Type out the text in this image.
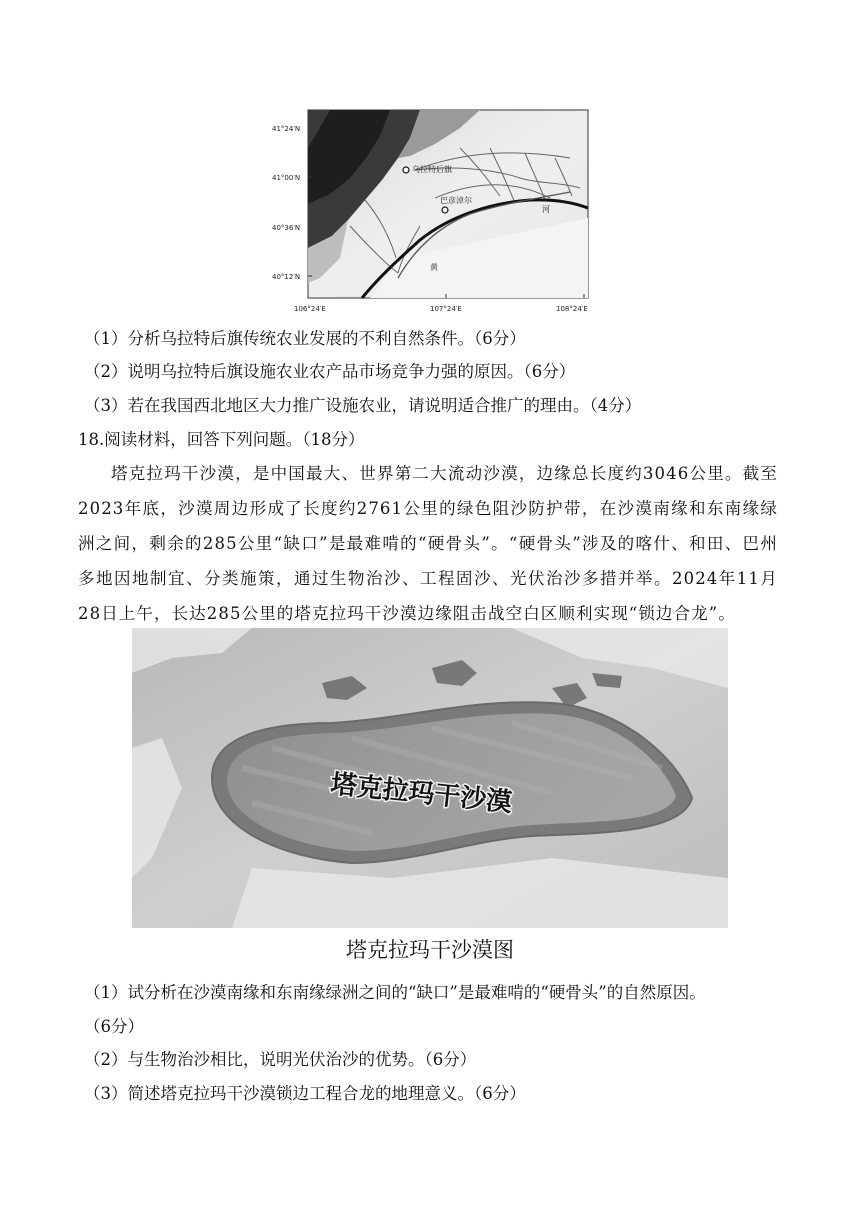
乌拉特后旗
巴彦淖尔
河
黄
41°24′N
41°00′N
40°36′N
40°12′N
106°24′E	107°24′E	108°24′E
（1）分析乌拉特后旗传统农业发展的不利自然条件。（6分）
（2）说明乌拉特后旗设施农业农产品市场竞争力强的原因。（6分）
（3）若在我国西北地区大力推广设施农业，请说明适合推广的理由。（4分）
18.阅读材料，回答下列问题。（18分）
塔克拉玛干沙漠，是中国最大、世界第二大流动沙漠，边缘总长度约3046公里。截至2023年底，沙漠周边形成了长度约2761公里的绿色阻沙防护带，在沙漠南缘和东南缘绿洲之间，剩余的285公里“缺口”是最难啃的“硬骨头”。“硬骨头”涉及的喀什、和田、巴州多地因地制宜、分类施策，通过生物治沙、工程固沙、光伏治沙多措并举。2024年11月28日上午，长达285公里的塔克拉玛干沙漠边缘阻击战空白区顺利实现“锁边合龙”。
塔克拉玛干沙漠
塔克拉玛干沙漠图
（1）试分析在沙漠南缘和东南缘绿洲之间的“缺口”是最难啃的“硬骨头”的自然原因。
（6分）
（2）与生物治沙相比，说明光伏治沙的优势。（6分）
（3）简述塔克拉玛干沙漠锁边工程合龙的地理意义。（6分）
